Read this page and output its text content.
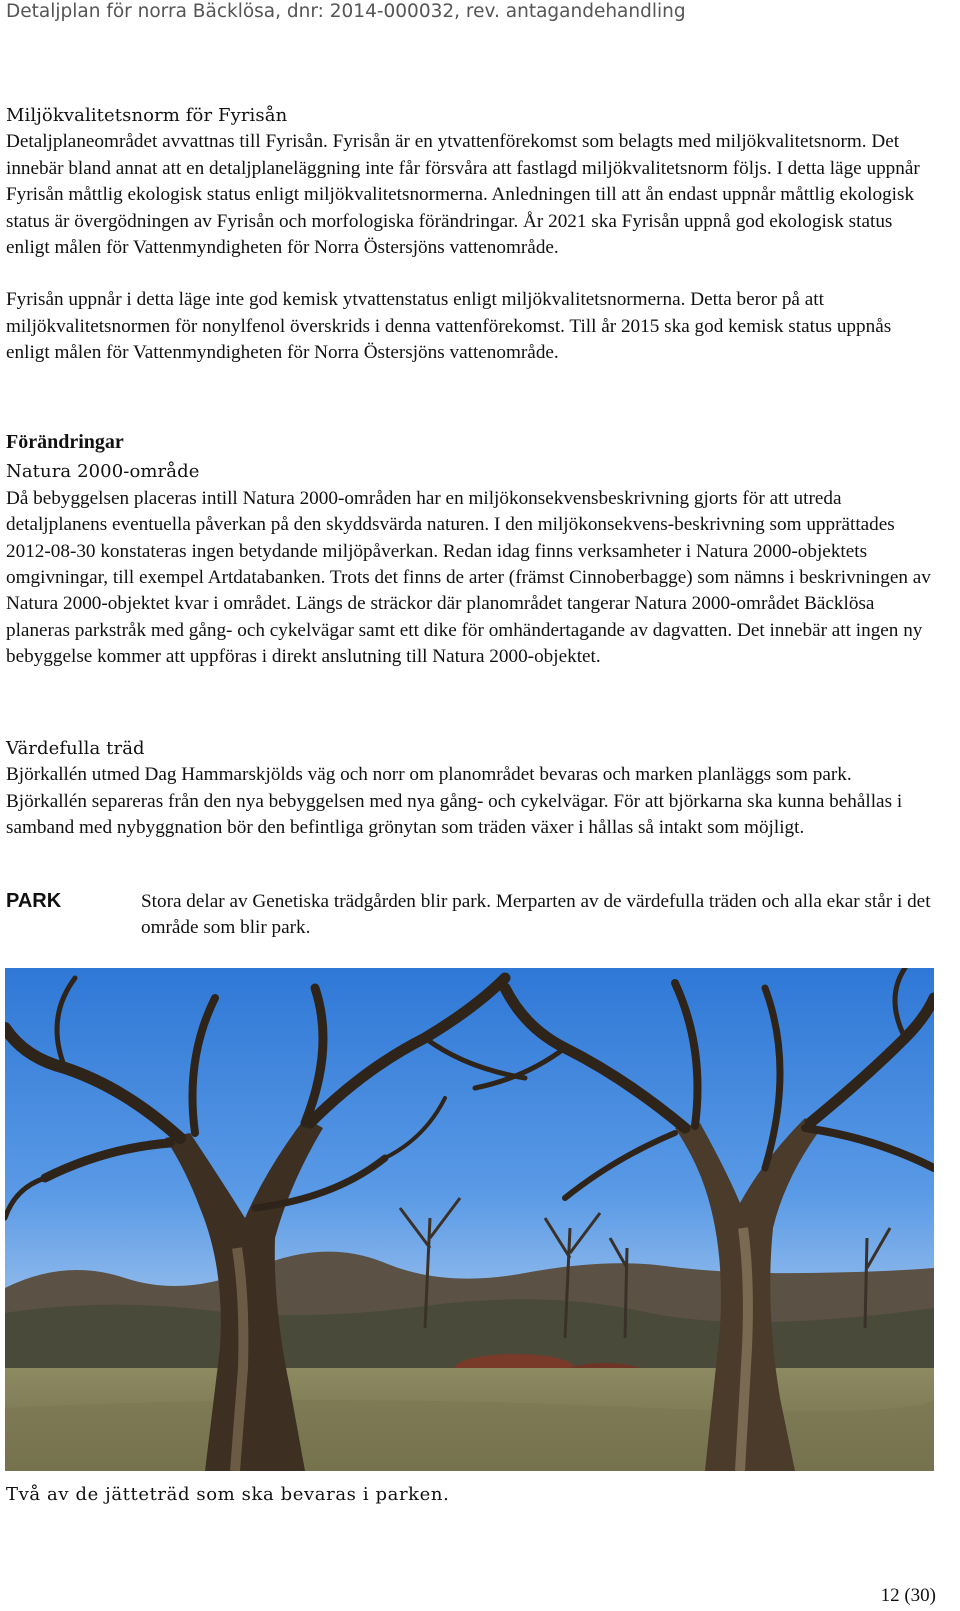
Detaljplan för norra Bäcklösa, dnr: 2014-000032, rev. antagandehandling

Miljökvalitetsnorm för Fyrisån

Detaljplaneområdet avvattnas till Fyrisån. Fyrisån är en ytvattenförekomst som belagts med miljökvalitetsnorm. Det innebär bland annat att en detaljplaneläggning inte får försvåra att fastlagd miljökvalitetsnorm följs. I detta läge uppnår Fyrisån måttlig ekologisk status enligt miljökvalitetsnormerna. Anledningen till att ån endast uppnår måttlig ekologisk status är övergödningen av Fyrisån och morfologiska förändringar. År 2021 ska Fyrisån uppnå god ekologisk status enligt målen för Vattenmyndigheten för Norra Östersjöns vattenområde.

Fyrisån uppnår i detta läge inte god kemisk ytvattenstatus enligt miljökvalitetsnormerna. Detta beror på att miljökvalitetsnormen för nonylfenol överskrids i denna vattenförekomst. Till år 2015 ska god kemisk status uppnås enligt målen för Vattenmyndigheten för Norra Östersjöns vattenområde.

Förändringar

Natura 2000-område

Då bebyggelsen placeras intill Natura 2000-områden har en miljökonsekvensbeskrivning gjorts för att utreda detaljplanens eventuella påverkan på den skyddsvärda naturen. I den miljökonsekvens-beskrivning som upprättades 2012-08-30 konstateras ingen betydande miljöpåverkan. Redan idag finns verksamheter i Natura 2000-objektets omgivningar, till exempel Artdatabanken. Trots det finns de arter (främst Cinnoberbagge) som nämns i beskrivningen av Natura 2000-objektet kvar i området. Längs de sträckor där planområdet tangerar Natura 2000-området Bäcklösa planeras parkstråk med gång- och cykelvägar samt ett dike för omhändertagande av dagvatten. Det innebär att ingen ny bebyggelse kommer att uppföras i direkt anslutning till Natura 2000-objektet.

Värdefulla träd

Björkallén utmed Dag Hammarskjölds väg och norr om planområdet bevaras och marken planläggs som park. Björkallén separeras från den nya bebyggelsen med nya gång- och cykelvägar. För att björkarna ska kunna behållas i samband med nybyggnation bör den befintliga grönytan som träden växer i hållas så intakt som möjligt.

PARK	Stora delar av Genetiska trädgården blir park. Merparten av de värdefulla träden och alla ekar står i det område som blir park.
Två av de jätteträd som ska bevaras i parken.
12 (30)
